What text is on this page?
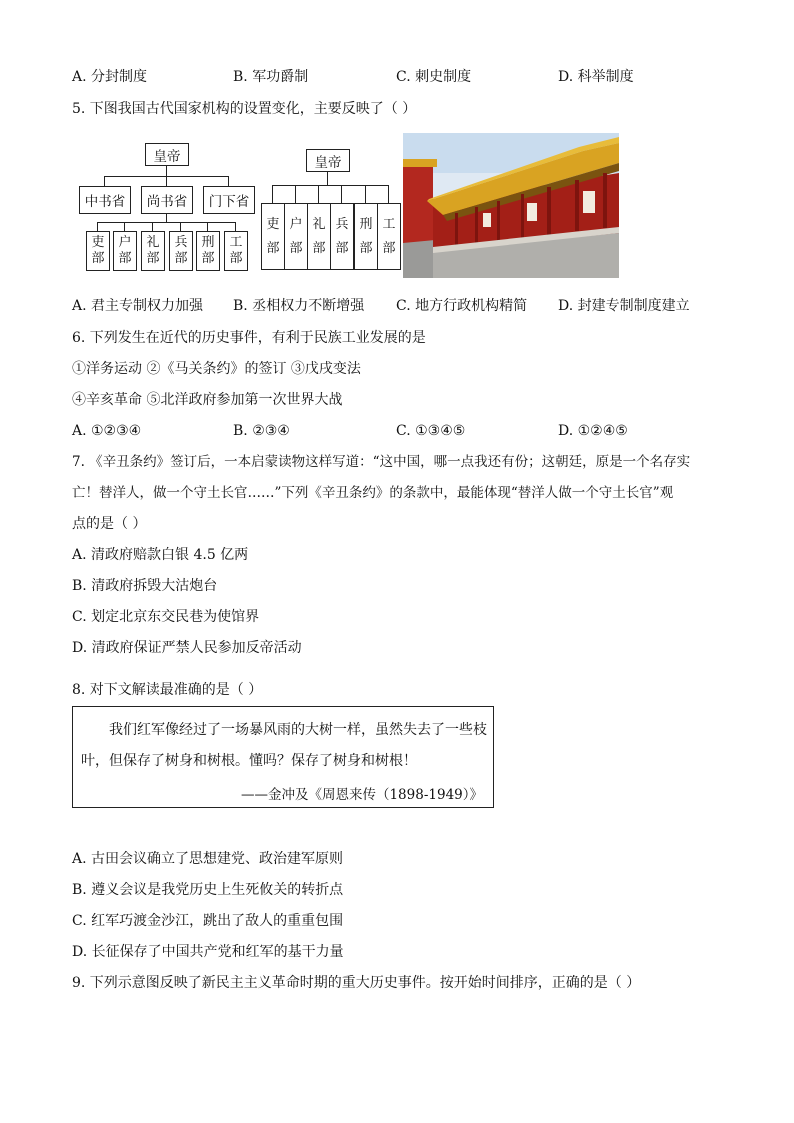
A. 分封制度	B. 军功爵制	C. 刺史制度	D. 科举制度
5. 下图我国古代国家机构的设置变化，主要反映了（ ）
皇帝
中书省	尚书省	门下省
吏
部
户
部
礼
部
兵
部
刑
部
工
部
皇帝
吏
部
户
部
礼
部
兵
部
刑
部
工
部
A. 君主专制权力加强 B. 丞相权力不断增强 C. 地方行政机构精简 D. 封建专制制度建立
6. 下列发生在近代的历史事件，有利于民族工业发展的是
①洋务运动 ②《马关条约》的签订 ③戊戌变法
④辛亥革命 ⑤北洋政府参加第一次世界大战
A. ①②③④	B. ②③④	C. ①③④⑤	D. ①②④⑤
7. 《辛丑条约》签订后，一本启蒙读物这样写道：“这中国，哪一点我还有份；这朝廷，原是一个名存实
亡！替洋人，做一个守土长官……”下列《辛丑条约》的条款中，最能体现“替洋人做一个守土长官”观
点的是（ ）
A. 清政府赔款白银 4.5 亿两
B. 清政府拆毁大沽炮台
C. 划定北京东交民巷为使馆界
D. 清政府保证严禁人民参加反帝活动
8. 对下文解读最准确的是（ ）
我们红军像经过了一场暴风雨的大树一样，虽然失去了一些枝
叶，但保存了树身和树根。懂吗？保存了树身和树根！
——金冲及《周恩来传（1898-1949）》
A. 古田会议确立了思想建党、政治建军原则
B. 遵义会议是我党历史上生死攸关的转折点
C. 红军巧渡金沙江，跳出了敌人的重重包围
D. 长征保存了中国共产党和红军的基干力量
9. 下列示意图反映了新民主主义革命时期的重大历史事件。按开始时间排序，正确的是（ ）
